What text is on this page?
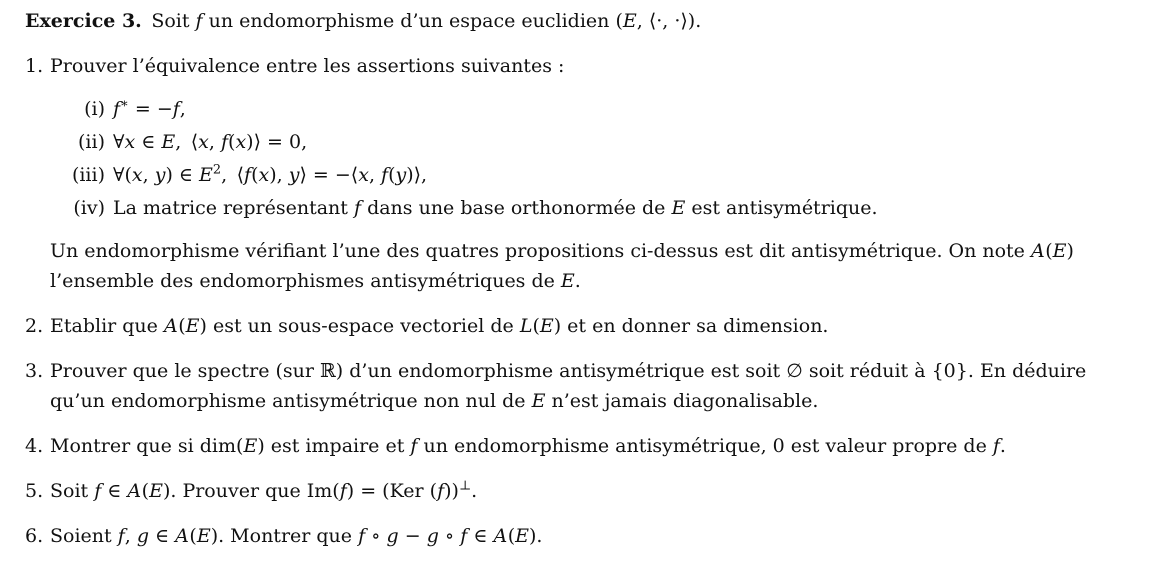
Exercice 3. Soit f un endomorphisme d’un espace euclidien (E, ⟨·, ·⟩).

1. Prouver l’équivalence entre les assertions suivantes :

(i) f∗ = −f,

(ii) ∀x ∈ E, ⟨x, f(x)⟩ = 0,

(iii) ∀(x, y) ∈ $E^2$, ⟨f(x), y⟩ = −⟨x, f(y)⟩,

(iv) La matrice représentant f dans une base orthonormée de E est antisymétrique.

Un endomorphisme vérifiant l’une des quatres propositions ci-dessus est dit antisymétrique. On note A(E)

l’ensemble des endomorphismes antisymétriques de E.

2. Etablir que A(E) est un sous-espace vectoriel de L(E) et en donner sa dimension.

3. Prouver que le spectre (sur ℝ) d’un endomorphisme antisymétrique est soit ∅ soit réduit à {0}. En déduire

qu’un endomorphisme antisymétrique non nul de E n’est jamais diagonalisable.

4. Montrer que si dim(E) est impaire et f un endomorphisme antisymétrique, 0 est valeur propre de f.

5. Soit f ∈ A(E). Prouver que Im(f) = (Ker (f))⊥.

6. Soient f, g ∈ A(E). Montrer que f ∘ g − g ∘ f ∈ A(E).
